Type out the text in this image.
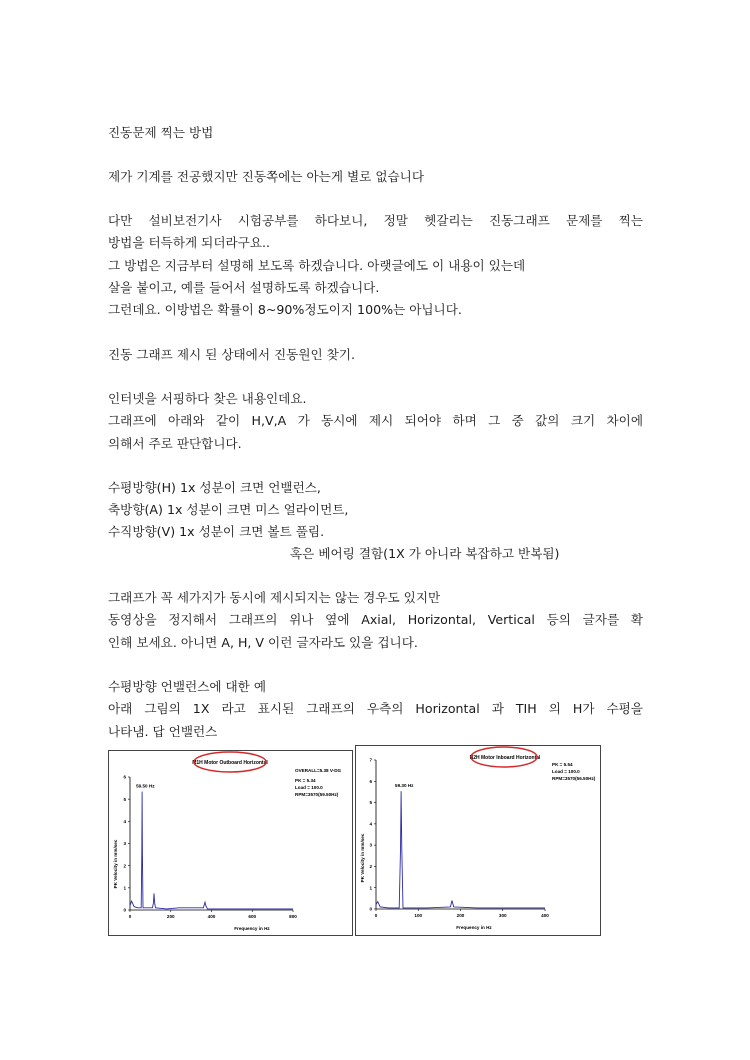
진동문제 찍는 방법
제가 기계를 전공했지만 진동쪽에는 아는게 별로 없습니다
다만 설비보전기사 시험공부를 하다보니, 정말 헷갈리는 진동그래프 문제를 찍는
방법을 터득하게 되더라구요..
그 방법은 지금부터 설명해 보도록 하겠습니다. 아랫글에도 이 내용이 있는데
살을 붙이고, 예를 들어서 설명하도록 하겠습니다.
그런데요. 이방법은 확률이 8~90%정도이지 100%는 아닙니다.
진동 그래프 제시 된 상태에서 진동원인 찾기.
인터넷을 서핑하다 찾은 내용인데요.
그래프에 아래와 같이 H,V,A 가 동시에 제시 되어야 하며 그 중 값의 크기 차이에
의해서 주로 판단합니다.
수평방향(H) 1x 성분이 크면 언밸런스,
축방향(A) 1x 성분이 크면 미스 얼라이먼트,
수직방향(V) 1x 성분이 크면 볼트 풀림.
혹은 베어링 결함(1X 가 아니라 복잡하고 반복됨)
그래프가 꼭 세가지가 동시에 제시되지는 않는 경우도 있지만
동영상을 정지해서 그래프의 위나 옆에 Axial, Horizontal, Vertical 등의 글자를 확
인해 보세요. 아니면 A, H, V 이런 글자라도 있을 겁니다.
수평방향 언밸런스에 대한 예
아래 그림의 1X 라고 표시된 그래프의 우측의 Horizontal 과 TIH 의 H가 수평을
나타냄. 답 언밸런스
M1H Motor Outboard Horizontal
OVERALL=5.38 V-DG
PK = 5.34
Load = 100.0
RPM=3570(59.50Hz)
PK Velocity in mm/sec
Frequency in Hz
0
1
2
3
4
5
6
0	200	400	600	800
59.50 Hz
N2H Motor Inboard Horizontal
PK = 5.54
Load = 100.0
RPM=3570(56.50Hz)
PK Velocity in mm/sec
Frequency in Hz
0
1
2
3
4
5
6
7
0	100	200	300	400
59.30 Hz
